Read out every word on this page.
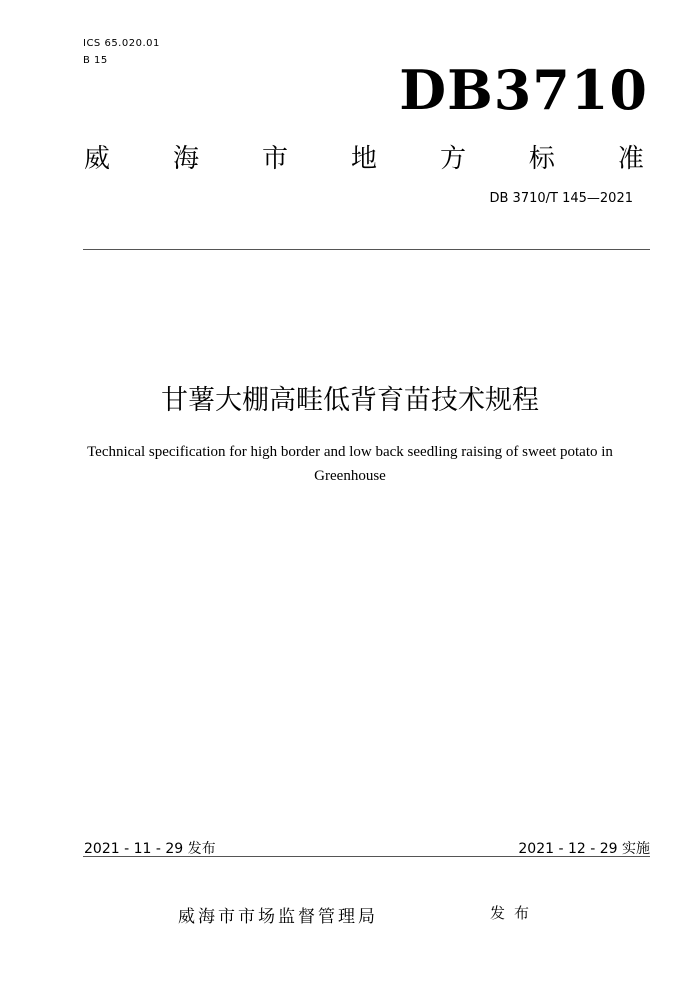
ICS 65.020.01
B 15	DB3710
威 海 市 地 方 标 准
DB 3710/T 145—2021
甘薯大棚高畦低背育苗技术规程
Technical specification for high border and low back seedling raising of sweet potato in Greenhouse
2021 - 11 - 29 发布	2021 - 12 - 29 实施
威海市市场监督管理局	发布
